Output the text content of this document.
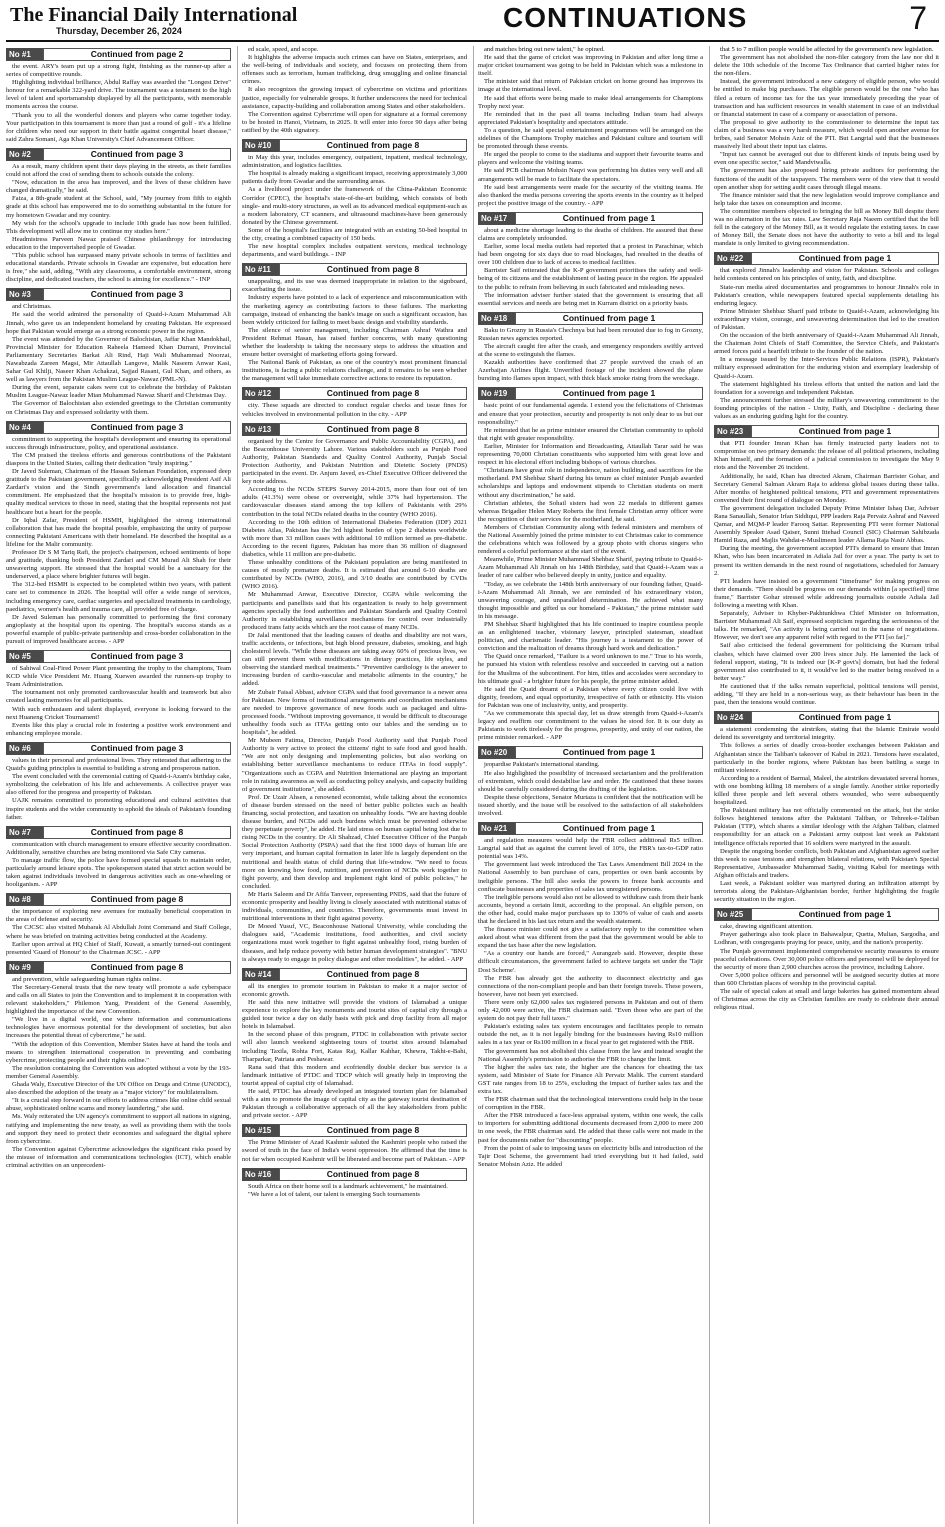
The Financial Daily International
Thursday, December 26, 2024	CONTINUATIONS	7
No #1	Continued from page 2

the event. ARY's team put up a strong fight, finishing as the runner-up after a series of competitive rounds.

Highlighting individual brilliance, Abdul Raffay was awarded the "Longest Drive" honour for a remarkable 322-yard drive. The tournament was a testament to the high level of talent and sportsmanship displayed by all the participants, with memorable moments across the course.

"Thank you to all the wonderful donors and players who came together today. Your participation in this tournament is more than just a round of golf - it's a lifeline for children who need our support in their battle against congenital heart disease," said Zahra Somani, Aga Khan University's Chief Advancement Officer.

No #2	Continued from page 3

As a result, many children spent their days playing in the streets, as their families could not afford the cost of sending them to schools outside the colony.

"Now, education in the area has improved, and the lives of these children have changed dramatically," he said.

Faiza, a 8th-grade student at the School, said, "My journey from fifth to eighth grade at this school has empowered me to do something substantial in the future for my hometown Gwadar and my country.

My wish for the school's upgrade to include 10th grade has now been fulfilled. This development will allow me to continue my studies here."

Headmistress Parveen Nawaz praised Chinese philanthropy for introducing education to the impoverished people of Gwadar.

"This public school has surpassed many private schools in terms of facilities and educational standards. Private schools in Gwadar are expensive, but education here is free," she said, adding, "With airy classrooms, a comfortable environment, strong discipline, and dedicated teachers, the school is aiming for excellence." - INP

No #3	Continued from page 3

and Christmas.

He said the world admired the personality of Quaid-i-Azam Muhammad Ali Jinnah, who gave us an independent homeland by creating Pakistan. He expressed hope that Pakistan would emerge as a strong economic power in the region.

The event was attended by the Governor of Balochistan, Jaffar Khan Mandokhail, Provincial Minister for Education Raheela Hameed Khan Durrani, Provincial Parliamentary Secretaries Barkat Ali Rind, Haji Wali Muhammad Noorzai, Nawabzada Zareen Magsi, Mir Attaullah Langove, Malik Naseem Anwar Kasi, Sahar Gul Khilji, Naseer Khan Achakzai, Sajjad Rasani, Gul Khan, and others, as well as lawyers from the Pakistan Muslim League-Nawaz (PML-N).

During the event, separate cakes were cut to celebrate the birthday of Pakistan Muslim League-Nawaz leader Mian Muhammad Nawaz Sharif and Christmas Day.

The Governor of Balochistan also extended greetings to the Christian community on Christmas Day and expressed solidarity with them.

No #4	Continued from page 3

commitment to supporting the hospital's development and ensuring its operational success through infrastructure, policy, and operational assistance.

The CM praised the tireless efforts and generous contributions of the Pakistani diaspora in the United States, calling their dedication "truly inspiring."

Dr Javed Suleman, Chairman of the Hassan Suleman Foundation, expressed deep gratitude to the Pakistani government, specifically acknowledging President Asif Ali Zardari's vision and the Sindh government's land allocation and financial commitment. He emphasized that the hospital's mission is to provide free, high-quality medical services to those in need, stating that the hospital represents not just healthcare but a heart for the people.

Dr Iqbal Zafar, President of HSMH, highlighted the strong international collaboration that has made the hospital possible, emphasizing the unity of purpose connecting Pakistani Americans with their homeland. He described the hospital as a lifeline for the Malir community.

Professor Dr S M Tariq Rafi, the project's chairperson, echoed sentiments of hope and gratitude, thanking both President Zardari and CM Murad Ali Shah for their unwavering support. He stressed that the hospital would be a sanctuary for the underserved, a place where brighter futures will begin.

The 312-bed HSMH is expected to be completed within two years, with patient care set to commence in 2026. The hospital will offer a wide range of services, including emergency care, cardiac surgeries and specialized treatments in cardiology, paediatrics, women's health and trauma care, all provided free of charge.

Dr Javed Suleman has personally committed to performing the first coronary angioplasty at the hospital upon its opening. The hospital's success stands as a powerful example of public-private partnership and cross-border collaboration in the pursuit of improved healthcare access. - APP

No #5	Continued from page 3

of Sahiwal Coal-Fired Power Plant presenting the trophy to the champions, Team KCD while Vice President Mr. Huang Xuewen awarded the runners-up trophy to Team Administration.

The tournament not only promoted cardiovascular health and teamwork but also created lasting memories for all participants.

With such enthusiasm and talent displayed, everyone is looking forward to the next Huaneng Cricket Tournament!

Events like this play a crucial role in fostering a positive work environment and enhancing employee morale.

No #6	Continued from page 3

values in their personal and professional lives. They reiterated that adhering to the Quaid's guiding principles is essential to building a strong and prosperous nation.

The event concluded with the ceremonial cutting of Quaid-i-Azam's birthday cake, symbolizing the celebration of his life and achievements. A collective prayer was also offered for the progress and prosperity of Pakistan.

UAJK remains committed to promoting educational and cultural activities that inspire students and the wider community to uphold the ideals of Pakistan's founding father.

No #7	Continued from page 8

communication with church management to ensure effective security coordination. Additionally, sensitive churches are being monitored via Safe City cameras.

To manage traffic flow, the police have formed special squads to maintain order, particularly around leisure spots. The spokesperson stated that strict action would be taken against individuals involved in dangerous activities such as one-wheeling or hooliganism. - APP

No #8	Continued from page 8

the importance of exploring new avenues for mutually beneficial cooperation in the areas of defense and security.

The CJCSC also visited Mubarak Al Abdullah Joint Command and Staff College, where he was briefed on training activities being conducted at the Academy.

Earlier upon arrival at HQ Chief of Staff, Kuwait, a smartly turned-out contingent presented 'Guard of Honour' to the Chairman JCSC. - APP

No #9	Continued from page 8

and prevention, while safeguarding human rights online.

The Secretary-General trusts that the new treaty will promote a safe cyberspace and calls on all States to join the Convention and to implement it in cooperation with relevant stakeholders," Philemon Yang, President of the General Assembly, highlighted the importance of the new Convention.

"We live in a digital world, one where information and communications technologies have enormous potential for the development of societies, but also increases the potential threat of cybercrime," he said.

"With the adoption of this Convention, Member States have at hand the tools and means to strengthen international cooperation in preventing and combating cybercrime, protecting people and their rights online."

The resolution containing the Convention was adopted without a vote by the 193-member General Assembly.

Ghada Waly, Executive Director of the UN Office on Drugs and Crime (UNODC), also described the adoption of the treaty as a "major victory" for multilateralism.

"It is a crucial step forward in our efforts to address crimes like online child sexual abuse, sophisticated online scams and money laundering," she said.

Ms. Waly reiterated the UN agency's commitment to support all nations in signing, ratifying and implementing the new treaty, as well as providing them with the tools and support they need to protect their economies and safeguard the digital sphere from cybercrime.

The Convention against Cybercrime acknowledges the significant risks posed by the misuse of information and communications technologies (ICT), which enable criminal activities on an unprecedent-

ed scale, speed, and scope.

It highlights the adverse impacts such crimes can have on States, enterprises, and the well-being of individuals and society, and focuses on protecting them from offenses such as terrorism, human trafficking, drug smuggling and online financial crimes.

It also recognizes the growing impact of cybercrime on victims and prioritizes justice, especially for vulnerable groups. It further underscores the need for technical assistance, capacity-building and collaboration among States and other stakeholders.

The Convention against Cybercrime will open for signature at a formal ceremony to be hosted in Hanoi, Vietnam, in 2025. It will enter into force 90 days after being ratified by the 40th signatory.

No #10	Continued from page 8

in May this year, includes emergency, outpatient, inpatient, medical technology, administration, and logistics facilities.

The hospital is already making a significant impact, receiving approximately 3,000 patients daily from Gwadar and the surrounding areas.

As a livelihood project under the framework of the China-Pakistan Economic Corridor (CPEC), the hospital's state-of-the-art building, which consists of both single- and multi-story structures, as well as its advanced medical equipment-such as a modern laboratory, CT scanners, and ultrasound machines-have been generously donated by the Chinese government.

Some of the hospital's facilities are integrated with an existing 50-bed hospital in the city, creating a combined capacity of 150 beds.

The new hospital complex includes outpatient services, medical technology departments, and ward buildings. - INP

No #11	Continued from page 8

unappealing, and its use was deemed inappropriate in relation to the signboard, exacerbating the issue.

Industry experts have pointed to a lack of experience and miscommunication with the marketing agency as contributing factors to these failures. The marketing campaign, instead of enhancing the bank's image on such a significant occasion, has been widely criticized for failing to meet basic design and visibility standards.

The silence of senior management, including Chairman Ashraf Wathra and President Rehmat Hasan, has raised further concerns, with many questioning whether the leadership is taking the necessary steps to address the situation and ensure better oversight of marketing efforts going forward.

The National Bank of Pakistan, as one of the country's most prominent financial institutions, is facing a public relations challenge, and it remains to be seen whether the management will take immediate corrective actions to restore its reputation.

No #12	Continued from page 8

city. These squads are directed to conduct regular checks and issue fines for vehicles involved in environmental pollution in the city. - APP

No #13	Continued from page 8

organised by the Centre for Governance and Public Accountability (CGPA), and the Beaconhouse University Lahore. Various stakeholders such as Punjab Food Authority, Pakistan Standards and Quality Control Authority, Punjab Social Protection Authority, and Pakistan Nutrition and Dietetic Society (PNDS) participated in the event. Dr. Anjum Javed, ex-Chief Executive Officer delivered the key note address.

According to the NCDs STEPS Survey 2014-2015, more than four out of ten adults (41.3%) were obese or overweight, while 37% had hypertension. The cardiovascular diseases stand among the top killers of Pakistanis with 29% contribution in the total NCDs related deaths in the country (WHO 2016).

According to the 10th edition of International Diabetes Federation (IDF) 2021 Diabetes Atlas, Pakistan has the 3rd highest burden of type 2 diabetes worldwide with more than 33 million cases with additional 10 million termed as pre-diabetic. According to the recent figures, Pakistan has more than 36 million of diagnosed diabetics, while 11 million are pre-diabetic.

These unhealthy conditions of the Pakistani population are being manifested in causes of mostly premature deaths. It is estimated that around 6-10 deaths are contributed by NCDs (WHO, 2016), and 3/10 deaths are contributed by CVDs (WHO 2016).

Mr Muhammad Anwar, Executive Director, CGPA while welcoming the participants and panellists said that his organization is ready to help government agencies specially the food authorities and Pakistan Standards and Quality Control Authority in establishing surveillance mechanisms for control over industrially produced trans fatty acids which are the root cause of many NCDs.

Dr Jalal mentioned that the leading causes of deaths and disability are not wars, traffic accidents, or infections, but high blood pressure, diabetes, smoking, and high cholesterol levels. "While these diseases are taking away 60% of precious lives, we can still prevent them with modifications in dietary practices, life styles, and observing the standard medical treatments." "Preventive cardiology is the answer to increasing burden of cardio-vascular and metabolic ailments in the country," he added.

Mr Zubair Faisal Abbasi, advisor CGPA said that food governance is a newer area for Pakistan. New forms of institutional arrangements and coordination mechanisms are needed to improve governance of new foods such as packaged and ultra-processed foods. "Without improving governance, it would be difficult to discourage unhealthy foods such as iTFAs getting onto our tables and the sending us to hospitals", he added.

Mr Mubeen Fatima, Director, Punjab Food Authority said that Punjab Food Authority is very active to protect the citizens' right to safe food and good health. "We are not only designing and implementing policies, but also working on establishing better surveillance mechanisms to reduce iTFAs in food supply". "Organizations such as CGPA and Nutrition International are playing an important role in raising awareness as well as conducting policy analysis, and capacity building of government institutions", she added.

Prof. Dr Uzair Ahsen, a renowned economist, while talking about the economics of disease burden stressed on the need of better public policies such as health financing, social protection, and taxation on unhealthy foods. "We are having double disease burden, and NCDs add such burdens which must be prevented otherwise they perpetuate poverty", he added. He laid stress on human capital being lost due to rising NCDs in the country. Dr Ali Shahzad, Chief Executive Officer of the Punjab Social Protection Authority (PSPA) said that the first 1000 days of human life are very important, and human capital formation in later life is largely dependent on the nutritional and health status of child during that life-window. "We need to focus more on knowing how food, nutrition, and prevention of NCDs work together to fight poverty, and then develop and implement right kind of public policies," he concluded.

Mr Haris Saleem and Dr Afifa Tanveer, representing PNDS, said that the future of economic prosperity and healthy living is closely associated with nutritional status of individuals, communities, and countries. Therefore, governments must invest in nutritional interventions in their fight against poverty.

Dr Moeed Yusuf, VC, Beaconhouse National University, while concluding the dialogues said, "Academic institutions, food authorities, and civil society organizations must work together to fight against unhealthy food, rising burden of diseases, and help reduce poverty with better human development strategies". "BNU is always ready to engage in policy dialogue and other modalities", he added. - APP

No #14	Continued from page 8

all its energies to promote tourism in Pakistan to make it a major sector of economic growth.

He said this new initiative will provide the visitors of Islamabad a unique experience to explore the key monuments and tourist sites of capital city through a guided tour twice a day on daily basis with pick and drop facility from all major hotels in Islamabad.

In the second phase of this program, PTDC in collaboration with private sector will also launch weekend sightseeing tours of tourist sites around Islamabad including Taxila, Rohta Fort, Katas Raj, Kallar Kahhar, Khewra, Takht-e-Bahi, Tharparkar, Patriata and Peshawar.

Rana said that this modern and ecofriendly double decker bus service is a landmark initiative of PTDC and TDCP which will greatly help in improving the tourist appeal of capital city of Islamabad.

He said, PTDC has already developed an integrated tourism plan for Islamabad with a aim to promote the image of capital city as the gateway tourist destination of Pakistan through a collaborative approach of all the key stakeholders from public and private sector. - APP

No #15	Continued from page 8

The Prime Minister of Azad Kashmir saluted the Kashmiri people who raised the sword of truth in the face of India's worst oppression. He affirmed that the time is not far when occupied Kashmir will be liberated and become part of Pakistan. - APP

No #16	Continued from page 8

South Africa on their home soil is a landmark achievement," he maintained.

"We have a lot of talent, our talent is emerging Such tournaments

and matches bring out new talent," he opined.

He said that the game of cricket was improving in Pakistan and after long time a major cricket tournament was going to be held in Pakistan which was a milestone in itself.

The minister said that return of Pakistan cricket on home ground has improves its image at the international level.

He said that efforts were being made to make ideal arrangements for Champions Trophy next year.

He reminded that in the past all teams including Indian team had always appreciated Pakistan's hospitality and spectators attitude.

To a question, he said special entertainment programmes will be arranged on the sidelines of the Champions Trophy matches and Pakistani culture and tourism will be promoted through these events.

He urged the people to come to the stadiums and support their favourite teams and players and welcome the visiting teams.

He said PCB chairman Mohsin Naqvi was performing his duties very well and all arrangements will be made to facilitate the spectators.

He said best arrangements were made for the security of the visiting teams. He also thanked the media persons covering the sports events in the country as it helped project the positive image of the country. - APP

No #17	Continued from page 1

about a medicine shortage leading to the deaths of children. He assured that these claims are completely unfounded.

Earlier, some local media outlets had reported that a protest in Parachinar, which had been ongoing for six days due to road blockages, had resulted in the deaths of over 100 children due to lack of access to medical facilities.

Barrister Saif reiterated that the K-P government prioritises the safety and well-being of its citizens and the establishment of lasting peace in the region. He appealed to the public to refrain from believing in such fabricated and misleading news.

The information adviser further stated that the government is ensuring that all essential services and needs are being met in Kurram district on a priority basis.

No #18	Continued from page 1

Baku to Grozny in Russia's Chechnya but had been rerouted due to fog in Grozny, Russian news agencies reported.

The aircraft caught fire after the crash, and emergency responders swiftly arrived at the scene to extinguish the flames.

Kazakh authorities have confirmed that 27 people survived the crash of an Azerbaijan Airlines flight. Unverified footage of the incident showed the plane bursting into flames upon impact, with thick black smoke rising from the wreckage.

No #19	Continued from page 1

basic point of our fundamental agenda. I extend you the felicitations of Christmas and ensure that your protection, security and prosperity is not only dear to us but our responsibility."

He reiterated that he as prime minister ensured the Christian community to uphold that right with greater responsibility.

Earlier, Minister for Information and Broadcasting, Attaullah Tarar said he was representing 70,000 Christian constituents who supported him with great love and respect in his electoral effort including bishops of various churches.

"Christians have great role in independence, nation building, and sacrifices for the motherland. PM Shehbaz Sharif during his tenure as chief minister Punjab awarded scholarships and laptops and endowment stipends to Christian students on merit without any discrimination," he said.

Christian athletes, the Sohail sisters had won 22 medals in different games whereas Brigadier Helen Mary Roberts the first female Christian army officer were the recognition of their services for the motherland, he said.

Members of Christian Community along with federal ministers and members of the National Assembly joined the prime minister to cut Christmas cake to commence the celebrations which was followed by a group photo with chorus singers who rendered a colorful performance at the start of the event.

Meanwhile, Prime Minister Muhammad Shehbaz Sharif, paying tribute to Quaid-i-Azam Muhammad Ali Jinnah on his 148th Birthday, said that Quaid-i-Azam was a leader of rare caliber who believed deeply in unity, justice and equality.

"Today, as we celebrate the 148th birth anniversary of our founding father, Quaid-i-Azam Muhammad Ali Jinnah, we are reminded of his extraordinary vision, unwavering courage, and unparalleled determination. He achieved what many thought impossible and gifted us our homeland - Pakistan," the prime minister said in his message.

PM Shehbaz Sharif highlighted that his life continued to inspire countless people as an enlightened teacher, visionary lawyer, principled statesman, steadfast politician, and charismatic leader. "His journey is a testament to the power of conviction and the realization of dreams through hard work and dedication."

The Quaid once remarked, "Failure is a word unknown to me." True to his words, he pursued his vision with relentless resolve and succeeded in carving out a nation for the Muslims of the subcontinent. For him, titles and accolades were secondary to his ultimate goal - a brighter future for his people, the prime minister added.

He said the Quaid dreamt of a Pakistan where every citizen could live with dignity, freedom, and equal opportunity, irrespective of faith or ethnicity. His vision for Pakistan was one of inclusivity, unity, and prosperity.

"As we commemorate this special day, let us draw strength from Quaid-i-Azam's legacy and reaffirm our commitment to the values he stood for. It is our duty as Pakistanis to work tirelessly for the progress, prosperity, and unity of our nation, the prime minister remarked. - APP

No #20	Continued from page 1

jeopardise Pakistan's international standing.

He also highlighted the possibility of increased sectarianism and the proliferation of extremism, which could destabilise law and order. He cautioned that these issues should be carefully considered during the drafting of the legislation.

Despite these objections, Senator Murtaza is confident that the notification will be issued shortly, and the issue will be resolved to the satisfaction of all stakeholders involved.

No #21	Continued from page 1

and regulation measures would help the FBR collect additional Rs5 trillion. Langrial said that as against the current level of 10%, the FBR's tax-to-GDP ratio potential was 14%.

The government last week introduced the Tax Laws Amendment Bill 2024 in the National Assembly to ban purchase of cars, properties or own bank accounts by ineligible persons. The bill also seeks the powers to freeze bank accounts and confiscate businesses and properties of sales tax unregistered persons.

The ineligible persons would also not be allowed to withdraw cash from their bank accounts, beyond a certain limit, according to the proposal. An eligible person, on the other had, could make major purchases up to 130% of value of cash and assets that he declared in his last tax return and the wealth statement.

The finance minister could not give a satisfactory reply to the committee when asked about what was different from the past that the government would be able to expand the tax base after the new legislation.

"As a country our hands are forced," Aurangzeb said. However, despite these difficult circumstances, the government failed to achieve targets set under the 'Tajir Dost Scheme'.

The FBR has already got the authority to disconnect electricity and gas connections of the non-compliant people and ban their foreign travels. These powers, however, have not been yet exercised.

There were only 62,000 sales tax registered persons in Pakistan and out of them only 42,000 were active, the FBR chairman said. "Even those who are part of the system do not pay their full taxes."

Pakistan's existing sales tax system encourages and facilitates people to remain outside the net, as it is not legally binding for the businesses having Rs10 million sales in a tax year or Rs100 million in a fiscal year to get registered with the FBR.

The government has not abolished this clause from the law and instead sought the National Assembly's permission to authorise the FBR to change the limit.

The higher the sales tax rate, the higher are the chances for cheating the tax system, said Minister of State for Finance Ali Pervaiz Malik. The current standard GST rate ranges from 18 to 25%, excluding the impact of further sales tax and the extra tax.

The FBR chairman said that the technological interventions could help in the issue of corruption in the FBR.

After the FBR introduced a face-less appraisal system, within one week, the calls to importers for submitting additional documents decreased from 2,000 to mere 200 in one week, the FBR chairman said. He added that these calls were not made in the past for documents rather for "discounting" people.

From the point of sale to imposing taxes on electricity bills and introduction of the Tajir Dost Scheme, the government had tried everything but it had failed, said Senator Mohsin Aziz. He added

that 5 to 7 million people would be affected by the government's new legislation.

The government has not abolished the non-filer category from the law nor did it delete the 10th schedule of the Income Tax Ordinance that carried higher rates for the non-filers.

Instead, the government introduced a new category of eligible person, who would be entitled to make big purchases. The eligible person would be the one "who has filed a return of income tax for the tax year immediately preceding the year of transaction and has sufficient resources in wealth statement in case of an individual or financial statement in case of a company or association of persons.

The proposal to give authority to the commissioner to determine the input tax claim of a business was a very harsh measure, which would open another avenue for bribes, said Senator Mohsin Aziz of the PTI. But Langrial said that the businesses massively lied about their input tax claims.

"Input tax cannot be averaged out due to different kinds of inputs being used by even one specific sector," said Mandviwalla.

The government has also proposed hiring private auditors for performing the functions of the audit of the taxpayers. The members were of the view that it would open another shop for setting audit cases through illegal means.

The finance minister said that the new legislation would improve compliance and help take due taxes on consumption and income.

The committee members objected to bringing the bill as Money Bill despite there was no alternation in the tax rates. Law Secretary Raja Naeem certified that the bill fell in the category of the Money Bill, as it would regulate the existing taxes. In case of Money Bill, the Senate does not have the authority to veto a bill and its legal mandate is only limited to giving recommendation.

No #22	Continued from page 1

that explored Jinnah's leadership and vision for Pakistan. Schools and colleges held contests centered on his principles of unity, faith, and discipline.

State-run media aired documentaries and programmes to honour Jinnah's role in Pakistan's creation, while newspapers featured special supplements detailing his enduring legacy.

Prime Minister Shehbaz Sharif paid tribute to Quaid-i-Azam, acknowledging his extraordinary vision, courage, and unwavering determination that led to the creation of Pakistan.

On the occasion of the birth anniversary of Quaid-i-Azam Muhammad Ali Jinnah, the Chairman Joint Chiefs of Staff Committee, the Service Chiefs, and Pakistan's armed forces paid a heartfelt tribute to the founder of the nation.

In a message issued by the Inter-Services Public Relations (ISPR), Pakistan's military expressed admiration for the enduring vision and exemplary leadership of Quaid-i-Azam.

The statement highlighted his tireless efforts that united the nation and laid the foundation for a sovereign and independent Pakistan.

The announcement further stressed the military's unwavering commitment to the founding principles of the nation - Unity, Faith, and Discipline - declaring these values as an enduring guiding light for the country.

No #23	Continued from page 1

that PTI founder Imran Khan has firmly instructed party leaders not to compromise on two primary demands: the release of all political prisoners, including Khan himself, and the formation of a judicial commission to investigate the May 9 riots and the November 26 incident.

Additionally, he said, Khan has directed Akram, Chairman Barrister Gohar, and Secretary General Salman Akram Raja to address global issues during these talks. After months of heightened political tensions, PTI and government representatives convened their first round of dialogue on Monday.

The government delegation included Deputy Prime Minister Ishaq Dar, Adviser Rana Sanaullah, Senator Irfan Siddiqui, PPP leaders Raja Pervaiz Ashraf and Naveed Qamar, and MQM-P leader Farooq Sattar. Representing PTI were former National Assembly Speaker Asad Qaiser, Sunni Ittehad Council (SIC) Chairman Sahibzada Hamid Raza, and Majlis Wahdat-e-Muslimeen leader Allama Raja Nasir Abbas.

During the meeting, the government accepted PTI's demand to ensure that Imran Khan, who has been incarcerated in Adiala Jail for over a year. The party is set to present its written demands in the next round of negotiations, scheduled for January 2.

PTI leaders have insisted on a government "timeframe" for making progress on their demands. "There should be progress on our demands within [a specified] time frame," Barrister Gohar stressed while addressing journalists outside Adiala Jail following a meeting with Khan.

Separately, Adviser to Khyber-Pakhtunkhwa Chief Minister on Information, Barrister Muhammad Ali Saif, expressed scepticism regarding the seriousness of the talks. He remarked, "An activity is being carried out in the name of negotiations. However, we don't see any apparent relief with regard to the PTI [so far]."

Saif also criticised the federal government for politicising the Kurram tribal clashes, which have claimed over 200 lives since July. He lamented the lack of federal support, stating, "It is indeed our [K-P govt's] domain, but had the federal government also contributed to it, it would've led to the matter being resolved in a better way."

He cautioned that if the talks remain superficial, political tensions will persist, adding, "If they are held in a non-serious way, as their behaviour has been in the past, then the tensions would continue.

No #24	Continued from page 1

a statement condemning the airstrikes, stating that the Islamic Emirate would defend its sovereignty and territorial integrity.

This follows a series of deadly cross-border exchanges between Pakistan and Afghanistan since the Taliban's takeover of Kabul in 2021. Tensions have escalated, particularly in the border regions, where Pakistan has been battling a surge in militant violence.

According to a resident of Barmal, Maleel, the airstrikes devastated several homes, with one bombing killing 18 members of a single family. Another strike reportedly killed three people and left several others wounded, who were subsequently hospitalized.

The Pakistani military has not officially commented on the attack, but the strike follows heightened tensions after the Pakistani Taliban, or Tehreek-e-Taliban Pakistan (TTP), which shares a similar ideology with the Afghan Taliban, claimed responsibility for an attack on a Pakistani army outpost last week as Pakistani intelligence officials reported that 16 soldiers were martyred in the assault.

Despite the ongoing border conflicts, both Pakistan and Afghanistan agreed earlier this week to ease tensions and strengthen bilateral relations, with Pakistan's Special Representative, Ambassador Muhammad Sadiq, visiting Kabul for meetings with Afghan officials and traders.

Last week, a Pakistani soldier was martyred during an infiltration attempt by terrorists along the Pakistan-Afghanistan border, further highlighting the fragile security situation in the region.

No #25	Continued from page 1

cake, drawing significant attention.

Prayer gatherings also took place in Bahawalpur, Quetta, Multan, Sargodha, and Lodhran, with congregants praying for peace, unity, and the nation's prosperity.

The Punjab government implemented comprehensive security measures to ensure peaceful celebrations. Over 30,000 police officers and personnel will be deployed for the security of more than 2,900 churches across the province, including Lahore.

Over 5,000 police officers and personnel will be assigned security duties at more than 600 Christian places of worship in the provincial capital.

The sale of special cakes at small and large bakeries has gained momentum ahead of Christmas across the city as Christian families are ready to celebrate their annual religious ritual.
